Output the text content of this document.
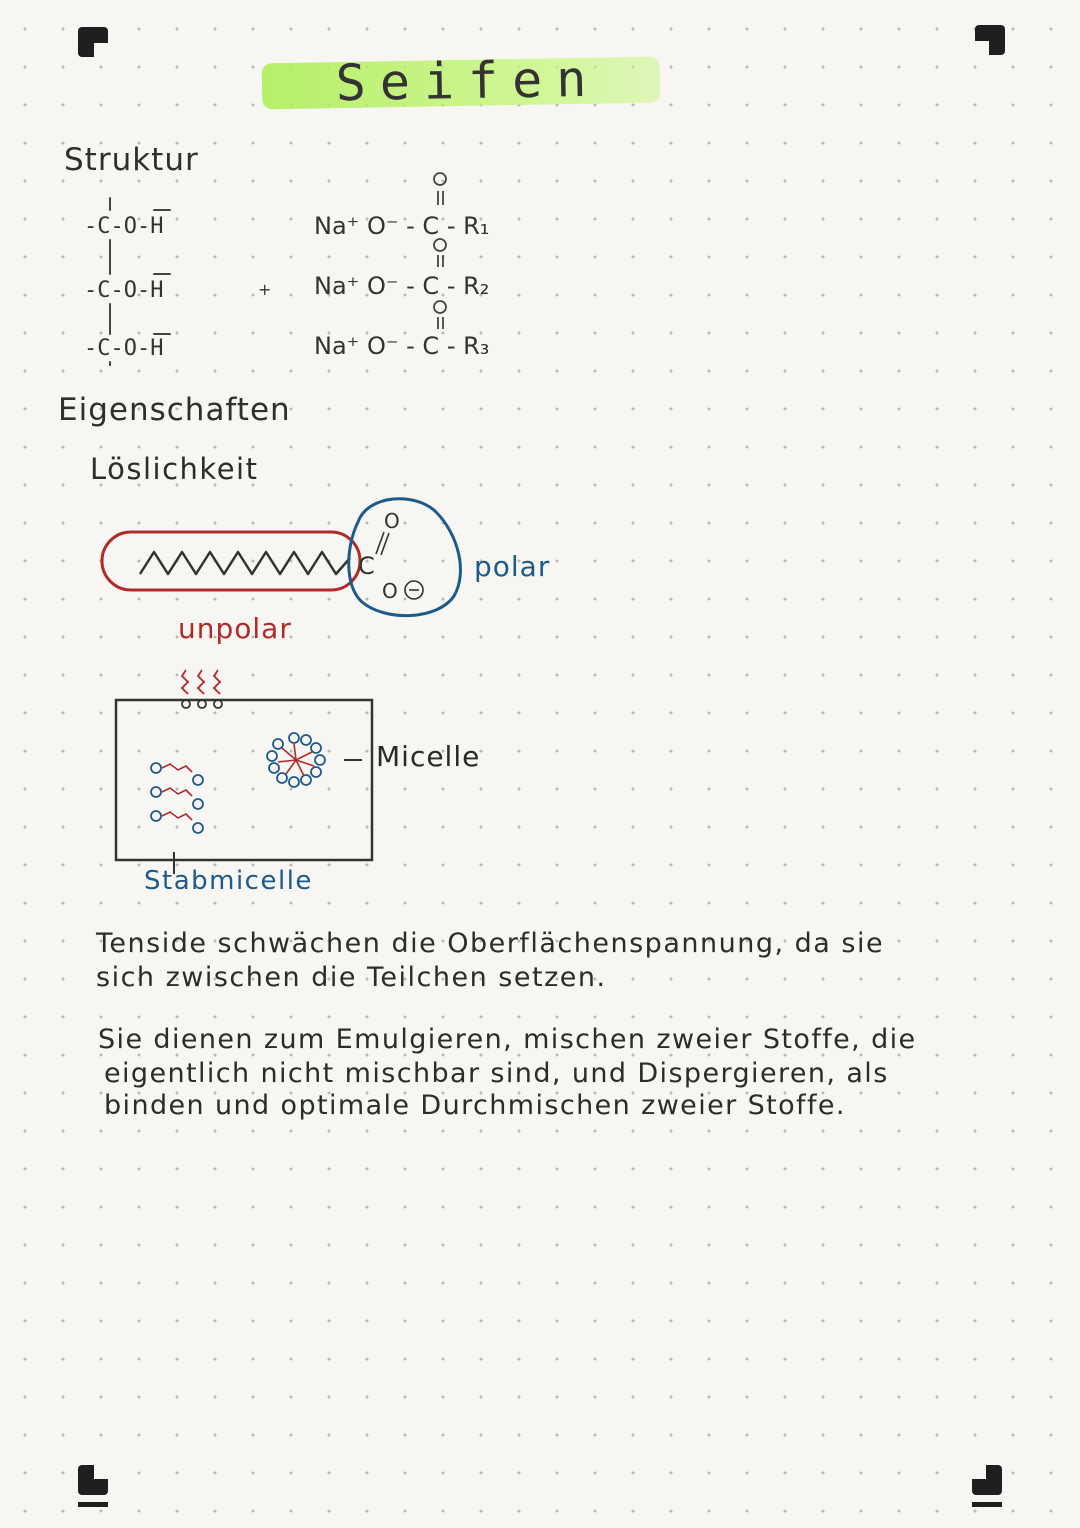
Seifen
Struktur
-C-O-H
-C-O-H
-C-O-H
+
Na⁺ O⁻ - C - R₁
Na⁺ O⁻ - C - R₂
Na⁺ O⁻ - C - R₃
Eigenschaften
Löslichkeit
C
O
O
polar
unpolar
Micelle
Stabmicelle
Tenside schwächen die Oberflächenspannung, da sie
sich zwischen die Teilchen setzen.
Sie dienen zum Emulgieren, mischen zweier Stoffe, die
eigentlich nicht mischbar sind, und Dispergieren, als
binden und optimale Durchmischen zweier Stoffe.
